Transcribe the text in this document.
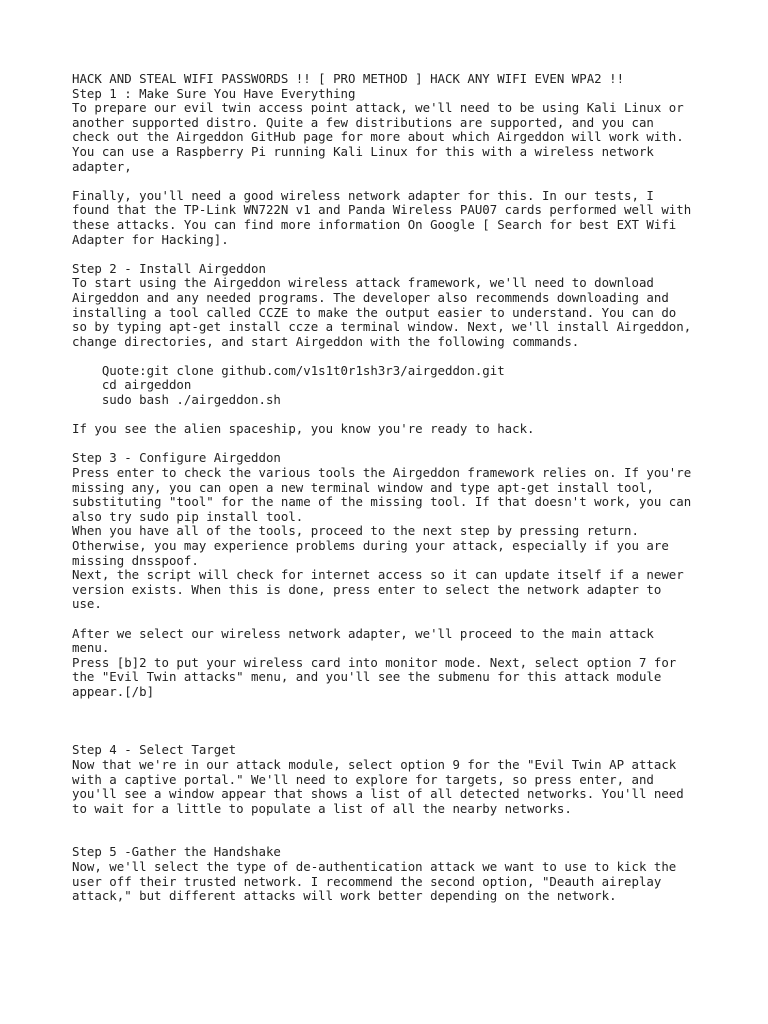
HACK AND STEAL WIFI PASSWORDS !! [ PRO METHOD ] HACK ANY WIFI EVEN WPA2 !!
Step 1 : Make Sure You Have Everything
To prepare our evil twin access point attack, we'll need to be using Kali Linux or
another supported distro. Quite a few distributions are supported, and you can
check out the Airgeddon GitHub page for more about which Airgeddon will work with.
You can use a Raspberry Pi running Kali Linux for this with a wireless network
adapter,
Finally, you'll need a good wireless network adapter for this. In our tests, I
found that the TP-Link WN722N v1 and Panda Wireless PAU07 cards performed well with
these attacks. You can find more information On Google [ Search for best EXT Wifi
Adapter for Hacking].
Step 2 - Install Airgeddon
To start using the Airgeddon wireless attack framework, we'll need to download
Airgeddon and any needed programs. The developer also recommends downloading and
installing a tool called CCZE to make the output easier to understand. You can do
so by typing apt-get install ccze a terminal window. Next, we'll install Airgeddon,
change directories, and start Airgeddon with the following commands.
Quote:git clone github.com/v1s1t0r1sh3r3/airgeddon.git
cd airgeddon
sudo bash ./airgeddon.sh
If you see the alien spaceship, you know you're ready to hack.
Step 3 - Configure Airgeddon
Press enter to check the various tools the Airgeddon framework relies on. If you're
missing any, you can open a new terminal window and type apt-get install tool,
substituting "tool" for the name of the missing tool. If that doesn't work, you can
also try sudo pip install tool.
When you have all of the tools, proceed to the next step by pressing return.
Otherwise, you may experience problems during your attack, especially if you are
missing dnsspoof.
Next, the script will check for internet access so it can update itself if a newer
version exists. When this is done, press enter to select the network adapter to
use.
After we select our wireless network adapter, we'll proceed to the main attack
menu.
Press [b]2 to put your wireless card into monitor mode. Next, select option 7 for
the "Evil Twin attacks" menu, and you'll see the submenu for this attack module
appear.[/b]
Step 4 - Select Target
Now that we're in our attack module, select option 9 for the "Evil Twin AP attack
with a captive portal." We'll need to explore for targets, so press enter, and
you'll see a window appear that shows a list of all detected networks. You'll need
to wait for a little to populate a list of all the nearby networks.
Step 5 -Gather the Handshake
Now, we'll select the type of de-authentication attack we want to use to kick the
user off their trusted network. I recommend the second option, "Deauth aireplay
attack," but different attacks will work better depending on the network.
